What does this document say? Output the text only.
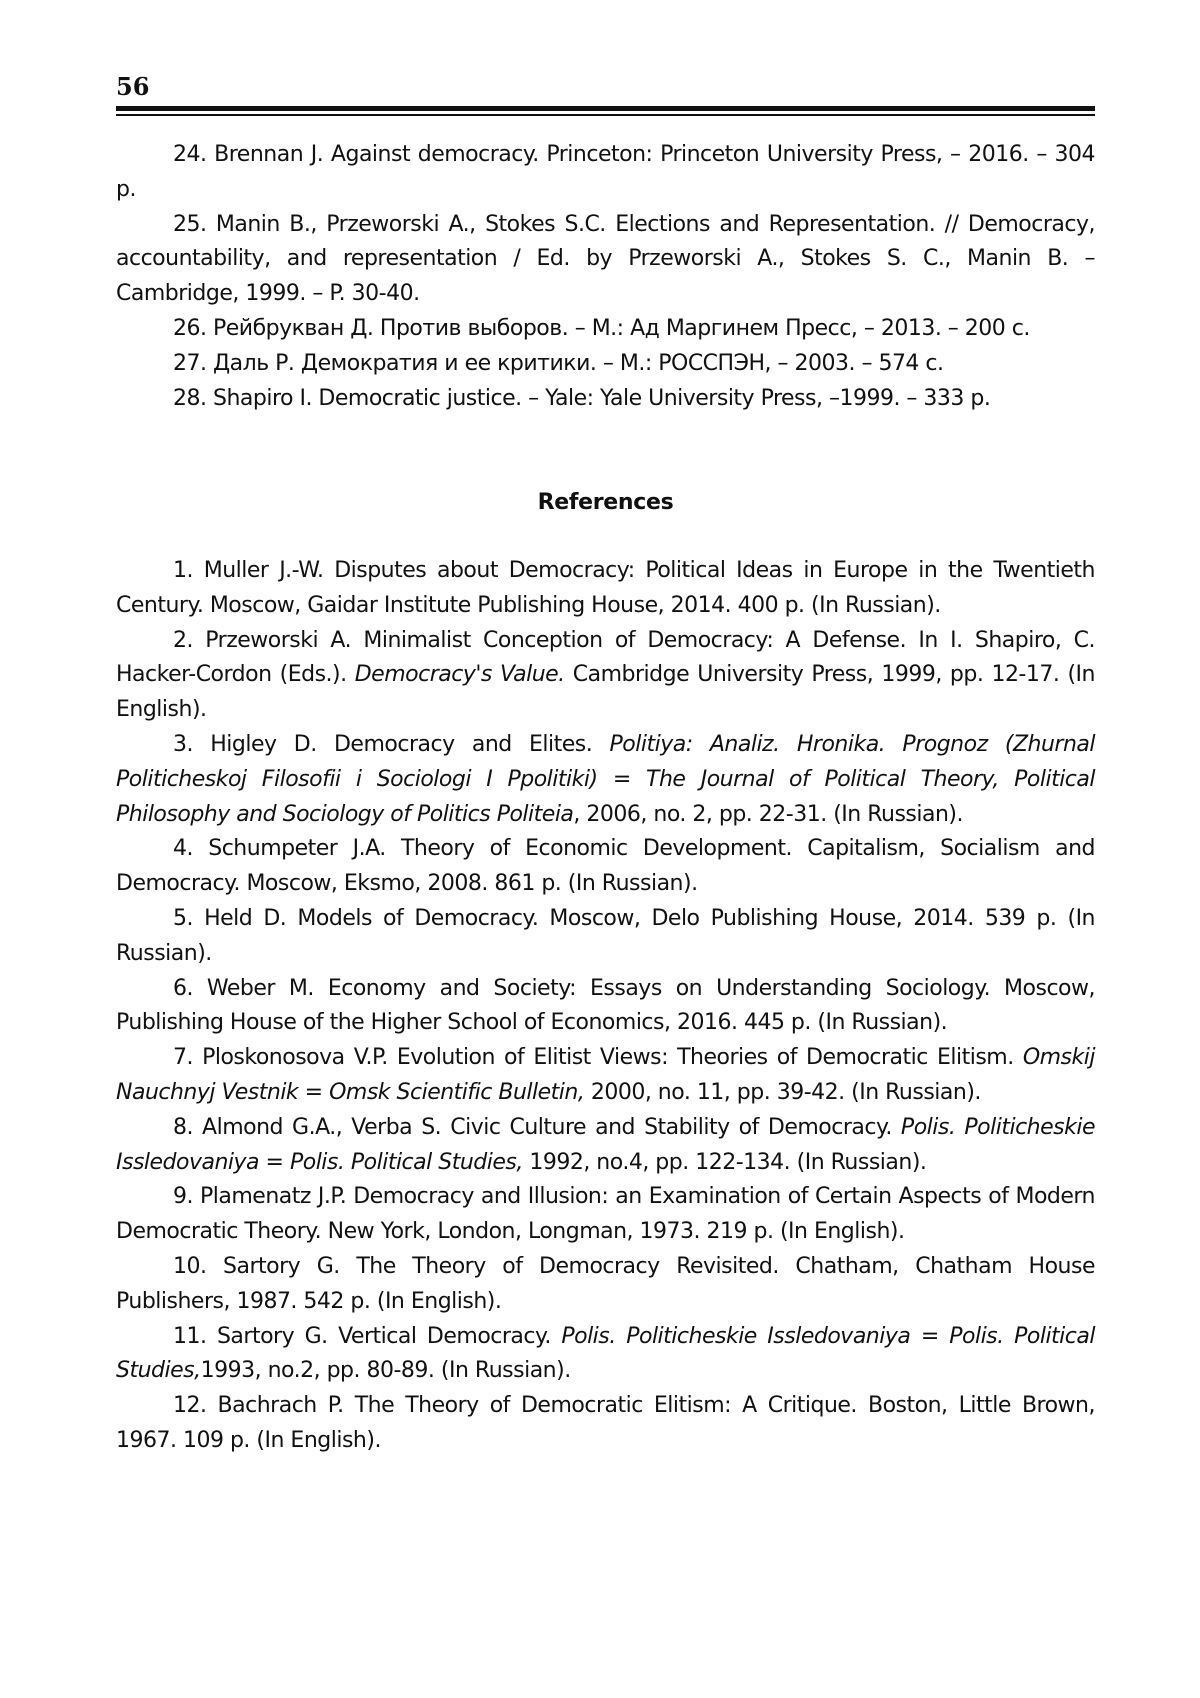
56

24. Brennan J. Against democracy. Princeton: Princeton University Press, – 2016. – 304 p.

25. Manin B., Przeworski A., Stokes S.C. Elections and Representation. // Democracy, accountability, and representation / Ed. by Przeworski A., Stokes S. C., Manin B. – Cambridge, 1999. – P. 30-40.

26. Рейбрукван Д. Против выборов. – М.: Ад Маргинем Пресс, – 2013. – 200 с.

27. Даль Р. Демократия и ее критики. – М.: РОССПЭН, – 2003. – 574 с.

28. Shapiro I. Democratic justice. – Yale: Yale University Press, –1999. – 333 p.

References

1. Muller J.-W. Disputes about Democracy: Political Ideas in Europe in the Twentieth Century. Moscow, Gaidar Institute Publishing House, 2014. 400 p. (In Russian).

2. Przeworski A. Minimalist Conception of Democracy: A Defense. In I. Shapiro, C. Hacker-Cordon (Eds.). Democracy's Value. Cambridge University Press, 1999, pp. 12-17. (In English).

3. Higley D. Democracy and Elites. Politiya: Analiz. Hronika. Prognoz (Zhurnal Politicheskoj Filosofii i Sociologi I Ppolitiki) = The Journal of Political Theory, Political Philosophy and Sociology of Politics Politeia, 2006, no. 2, pp. 22-31. (In Russian).

4. Schumpeter J.A. Theory of Economic Development. Capitalism, Socialism and Democracy. Moscow, Eksmo, 2008. 861 p. (In Russian).

5. Held D. Models of Democracy. Moscow, Delo Publishing House, 2014. 539 p. (In Russian).

6. Weber M. Economy and Society: Essays on Understanding Sociology. Moscow, Publishing House of the Higher School of Economics, 2016. 445 p. (In Russian).

7. Ploskonosova V.P. Evolution of Elitist Views: Theories of Democratic Elitism. Omskij Nauchnyj Vestnik = Omsk Scientific Bulletin, 2000, no. 11, pp. 39-42. (In Russian).

8. Almond G.A., Verba S. Civic Culture and Stability of Democracy. Polis. Politicheskie Issledovaniya = Polis. Political Studies, 1992, no.4, pp. 122-134. (In Russian).

9. Plamenatz J.P. Democracy and Illusion: an Examination of Certain Aspects of Modern Democratic Theory. New York, London, Longman, 1973. 219 p. (In English).

10. Sartory G. The Theory of Democracy Revisited. Chatham, Chatham House Publishers, 1987. 542 p. (In English).

11. Sartory G. Vertical Democracy. Polis. Politicheskie Issledovaniya = Polis. Political Studies,1993, no.2, pp. 80-89. (In Russian).

12. Bachrach P. The Theory of Democratic Elitism: A Critique. Boston, Little Brown, 1967. 109 p. (In English).
